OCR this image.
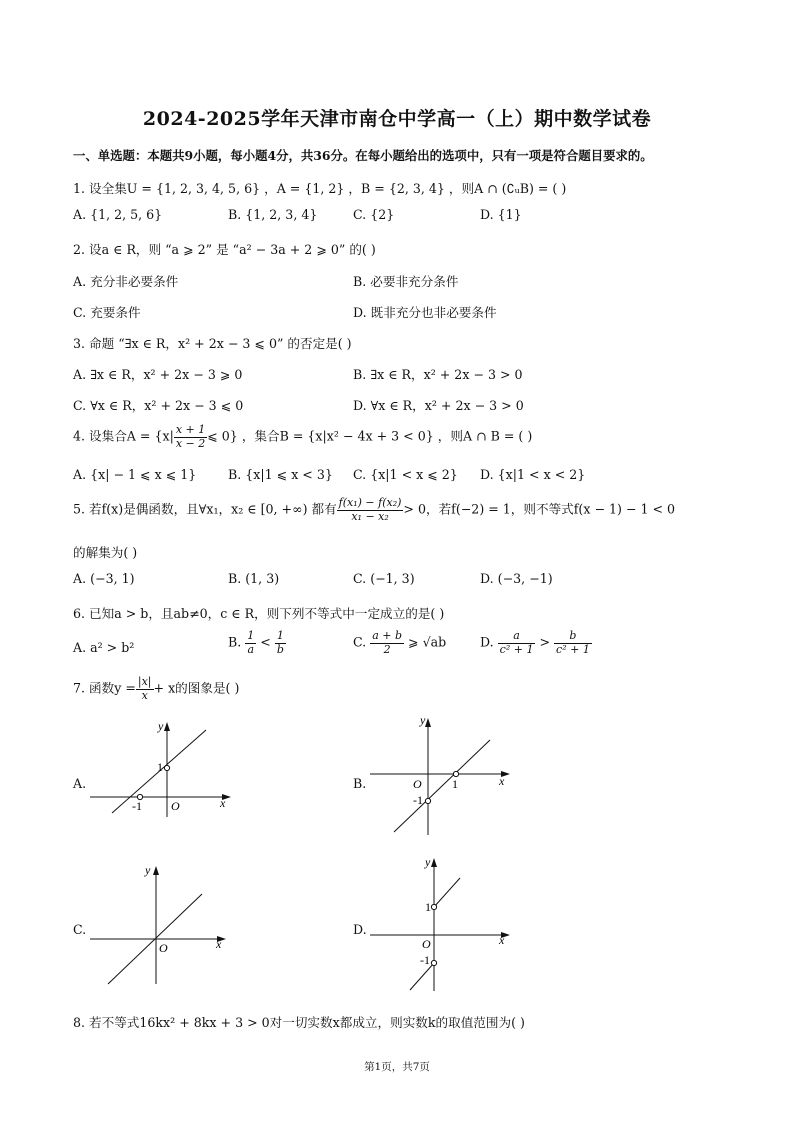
2024-2025学年天津市南仓中学高一（上）期中数学试卷
一、单选题：本题共9小题，每小题4分，共36分。在每小题给出的选项中，只有一项是符合题目要求的。
1. 设全集U = {1, 2, 3, 4, 5, 6} ，A = {1, 2} ，B = {2, 3, 4} ，则A ∩ (∁ᵤB) = ( )
A. {1, 2, 5, 6}	B. {1, 2, 3, 4}	C. {2}	D. {1}
2. 设a ∈ R，则 “a ⩾ 2” 是 “a² − 3a + 2 ⩾ 0” 的( )
A. 充分非必要条件	B. 必要非充分条件
C. 充要条件	D. 既非充分也非必要条件
3. 命题 “∃x ∈ R，x² + 2x − 3 ⩽ 0” 的否定是( )
A. ∃x ∈ R，x² + 2x − 3 ⩾ 0	B. ∃x ∈ R，x² + 2x − 3 > 0
C. ∀x ∈ R，x² + 2x − 3 ⩽ 0	D. ∀x ∈ R，x² + 2x − 3 > 0
4. 设集合$A = \{x| \frac{x + 1}{x - 2}$ ⩽ 0} ，集合B = {x|x² − 4x + 3 < 0} ，则A ∩ B = ( )
A. {x| − 1 ⩽ x ⩽ 1}	B. {x|1 ⩽ x < 3} C. {x|1 < x ⩽ 2} D. {x|1 < x < 2}
5. 若f(x)是偶函数，且∀x₁，x₂ ∈ [0, +∞) 都有 $\frac{\text{f(x₁) − f(x₂)}}{\text{x₁ − x₂}} > 0$，若f(−2) = 1，则不等式f(x − 1) − 1 < 0
的解集为( )
A. (−3, 1)	B. (1, 3)	C. (−1, 3)	D. (−3, −1)
6. 已知a > b，且ab≠0，c ∈ R，则下列不等式中一定成立的是( )
A. a² > b²	B. $\frac{1}{a} < \frac{1}{b}$	C. $\frac{a + b}{2}$ ⩾ √ab	D. $\frac{a}{\text{c² + 1}} > \frac{b}{\text{c² + 1}}$
7. 函数$y = \frac{|x|}{x} + x$的图象是( )
A.	B.
C.	D.
x
y
O
1
-1
x
y
O	1
-1
x
y
O
x
y
O
1
-1
8. 若不等式16kx² + 8kx + 3 > 0对一切实数x都成立，则实数k的取值范围为( )
第1页，共7页
